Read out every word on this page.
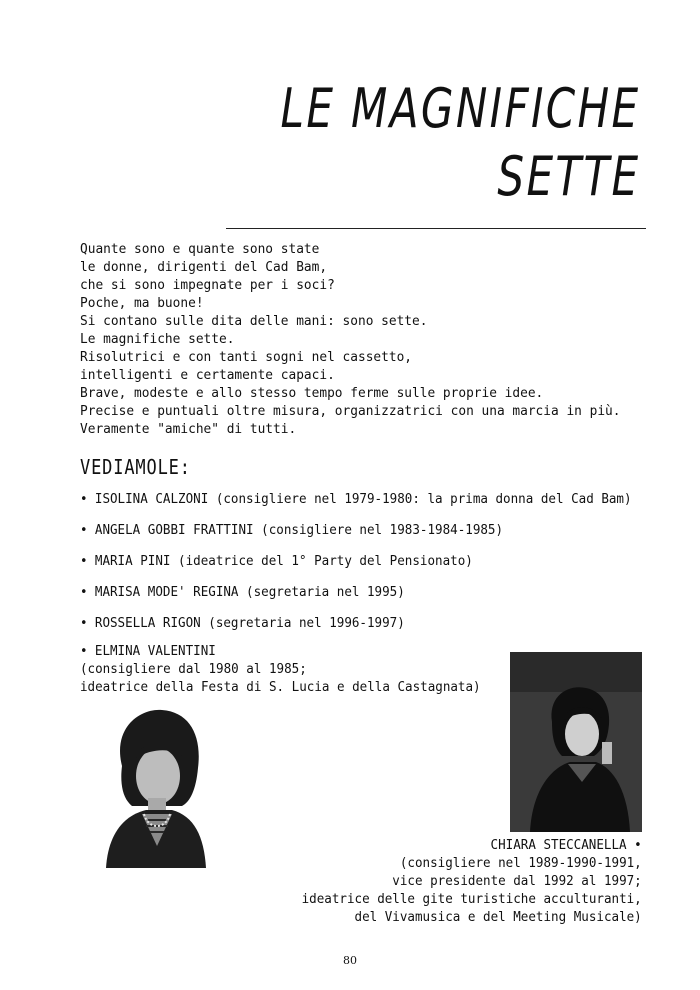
LE MAGNIFICHE
SETTE
Quante sono e quante sono state
le donne, dirigenti del Cad Bam,
che si sono impegnate per i soci?
Poche, ma buone!
Si contano sulle dita delle mani: sono sette.
Le magnifiche sette.
Risolutrici e con tanti sogni nel cassetto,
intelligenti e certamente capaci.
Brave, modeste e allo stesso tempo ferme sulle proprie idee.
Precise e puntuali oltre misura, organizzatrici con una marcia in più.
Veramente "amiche" di tutti.
VEDIAMOLE:
• ISOLINA CALZONI (consigliere nel 1979-1980: la prima donna del Cad Bam)
• ANGELA GOBBI FRATTINI (consigliere nel 1983-1984-1985)
• MARIA PINI (ideatrice del 1° Party del Pensionato)
• MARISA MODE' REGINA (segretaria nel 1995)
• ROSSELLA RIGON (segretaria nel 1996-1997)
• ELMINA VALENTINI
(consigliere dal 1980 al 1985;
ideatrice della Festa di S. Lucia e della Castagnata)
CHIARA STECCANELLA •
(consigliere nel 1989-1990-1991,
vice presidente dal 1992 al 1997;
ideatrice delle gite turistiche acculturanti,
del Vivamusica e del Meeting Musicale)
80
